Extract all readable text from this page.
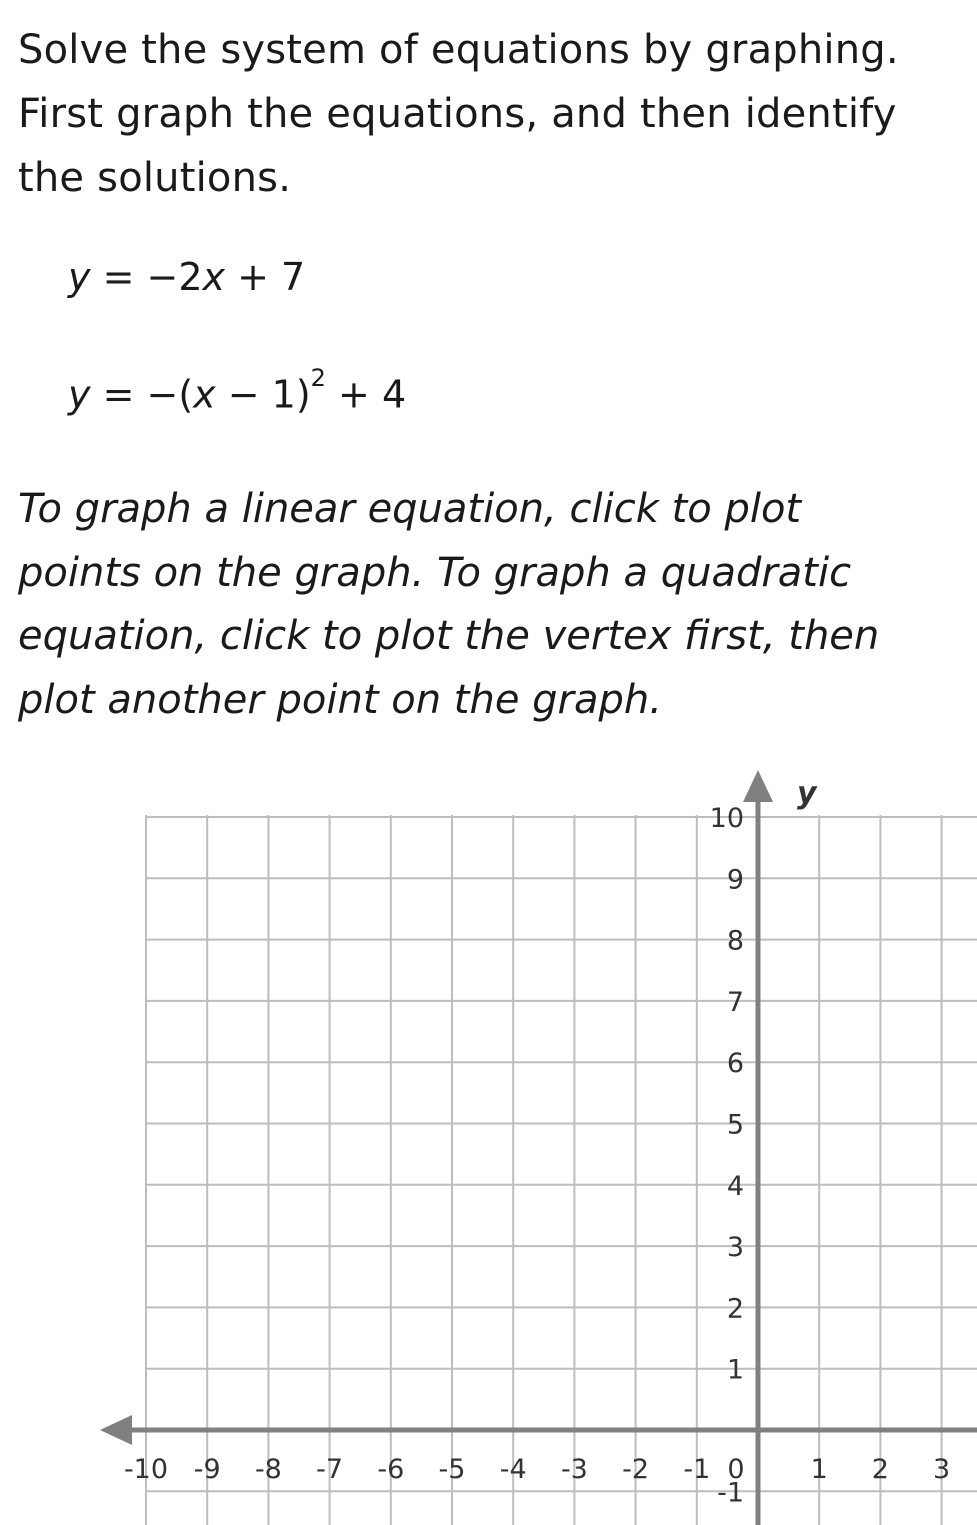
Solve the system of equations by graphing.
First graph the equations, and then identify
the solutions.
y = −2x + 7
$y = -(x - 1)^2 + 4$
To graph a linear equation, click to plot
points on the graph. To graph a quadratic
equation, click to plot the vertex first, then
plot another point on the graph.
-10 -9 -8 -7 -6 -5 -4 -3 -2 -1 0 1 2 3
10
9
8
7
6
5
4
3
2
1
-1
y
